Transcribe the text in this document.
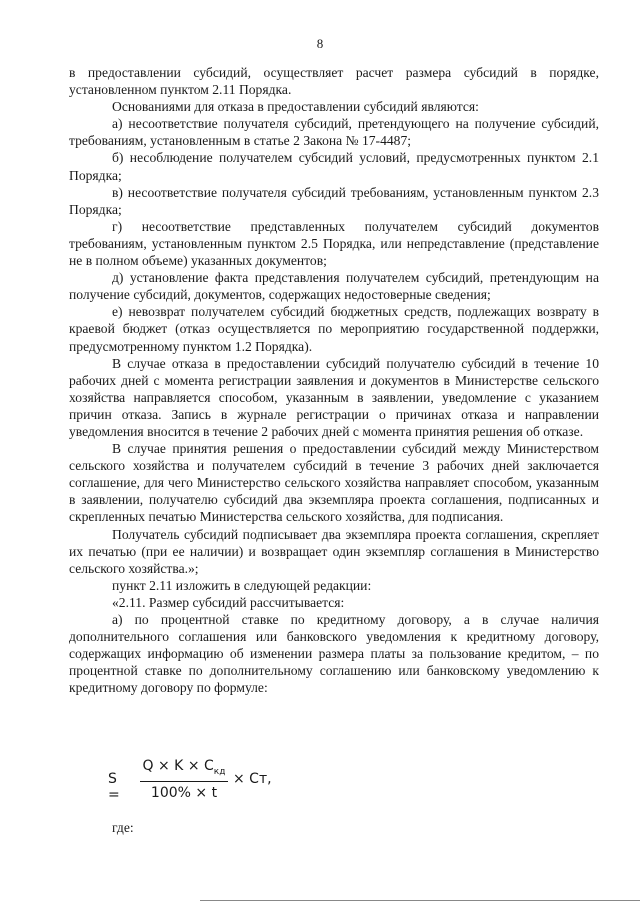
8

в предоставлении субсидий, осуществляет расчет размера субсидий в порядке, установленном пунктом 2.11 Порядка.

Основаниями для отказа в предоставлении субсидий являются:

а) несоответствие получателя субсидий, претендующего на получение субсидий, требованиям, установленным в статье 2 Закона № 17-4487;

б) несоблюдение получателем субсидий условий, предусмотренных пунктом 2.1 Порядка;

в) несоответствие получателя субсидий требованиям, установленным пунктом 2.3 Порядка;

г) несоответствие представленных получателем субсидий документов требованиям, установленным пунктом 2.5 Порядка, или непредставление (представление не в полном объеме) указанных документов;

д) установление факта представления получателем субсидий, претендующим на получение субсидий, документов, содержащих недостоверные сведения;

е) невозврат получателем субсидий бюджетных средств, подлежащих возврату в краевой бюджет (отказ осуществляется по мероприятию государственной поддержки, предусмотренному пунктом 1.2 Порядка).

В случае отказа в предоставлении субсидий получателю субсидий в течение 10 рабочих дней с момента регистрации заявления и документов в Министерстве сельского хозяйства направляется способом, указанным в заявлении, уведомление с указанием причин отказа. Запись в журнале регистрации о причинах отказа и направлении уведомления вносится в течение 2 рабочих дней с момента принятия решения об отказе.

В случае принятия решения о предоставлении субсидий между Министерством сельского хозяйства и получателем субсидий в течение 3 рабочих дней заключается соглашение, для чего Министерство сельского хозяйства направляет способом, указанным в заявлении, получателю субсидий два экземпляра проекта соглашения, подписанных и скрепленных печатью Министерства сельского хозяйства, для подписания.

Получатель субсидий подписывает два экземпляра проекта соглашения, скрепляет их печатью (при ее наличии) и возвращает один экземпляр соглашения в Министерство сельского хозяйства.»;

пункт 2.11 изложить в следующей редакции:

«2.11. Размер субсидий рассчитывается:

а) по процентной ставке по кредитному договору, а в случае наличия дополнительного соглашения или банковского уведомления к кредитному договору, содержащих информацию об изменении размера платы за пользование кредитом, – по процентной ставке по дополнительному соглашению или банковскому уведомлению к кредитному договору по формуле:

S =
$Q \times K \times C_{кд}$
100% × t
× Ст,
где:
